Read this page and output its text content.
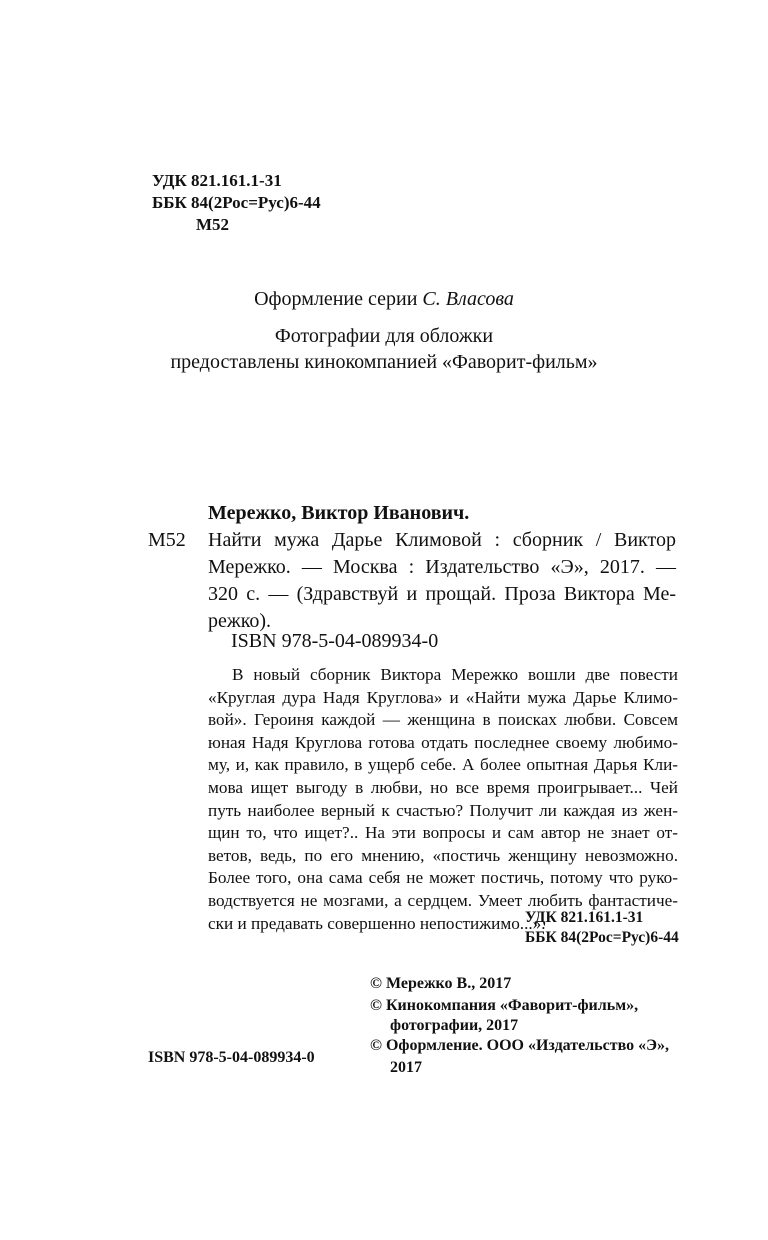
УДК 821.161.1-31
ББК 84(2Рос=Рус)6-44
М52
Оформление серии С. Власова
Фотографии для обложки
предоставлены кинокомпанией «Фаворит-фильм»
Мережко, Виктор Иванович.
М52 Найти мужа Дарье Климовой : сборник / Виктор
Мережко. — Москва : Издательство «Э», 2017. —
320 с. — (Здравствуй и прощай. Проза Виктора Ме-
режко).
ISBN 978-5-04-089934-0
В новый сборник Виктора Мережко вошли две повести
«Круглая дура Надя Круглова» и «Найти мужа Дарье Климо-
вой». Героиня каждой — женщина в поисках любви. Совсем
юная Надя Круглова готова отдать последнее своему любимо-
му, и, как правило, в ущерб себе. А более опытная Дарья Кли-
мова ищет выгоду в любви, но все время проигрывает... Чей
путь наиболее верный к счастью? Получит ли каждая из жен-
щин то, что ищет?.. На эти вопросы и сам автор не знает от-
ветов, ведь, по его мнению, «постичь женщину невозможно.
Более того, она сама себя не может постичь, потому что руко-
водствуется не мозгами, а сердцем. Умеет любить фантастиче-
ски и предавать совершенно непостижимо...».
УДК 821.161.1-31
ББК 84(2Рос=Рус)6-44
© Мережко В., 2017
© Кинокомпания «Фаворит-фильм»,
фотографии, 2017
© Оформление. ООО «Издательство «Э»,
2017
ISBN 978-5-04-089934-0
